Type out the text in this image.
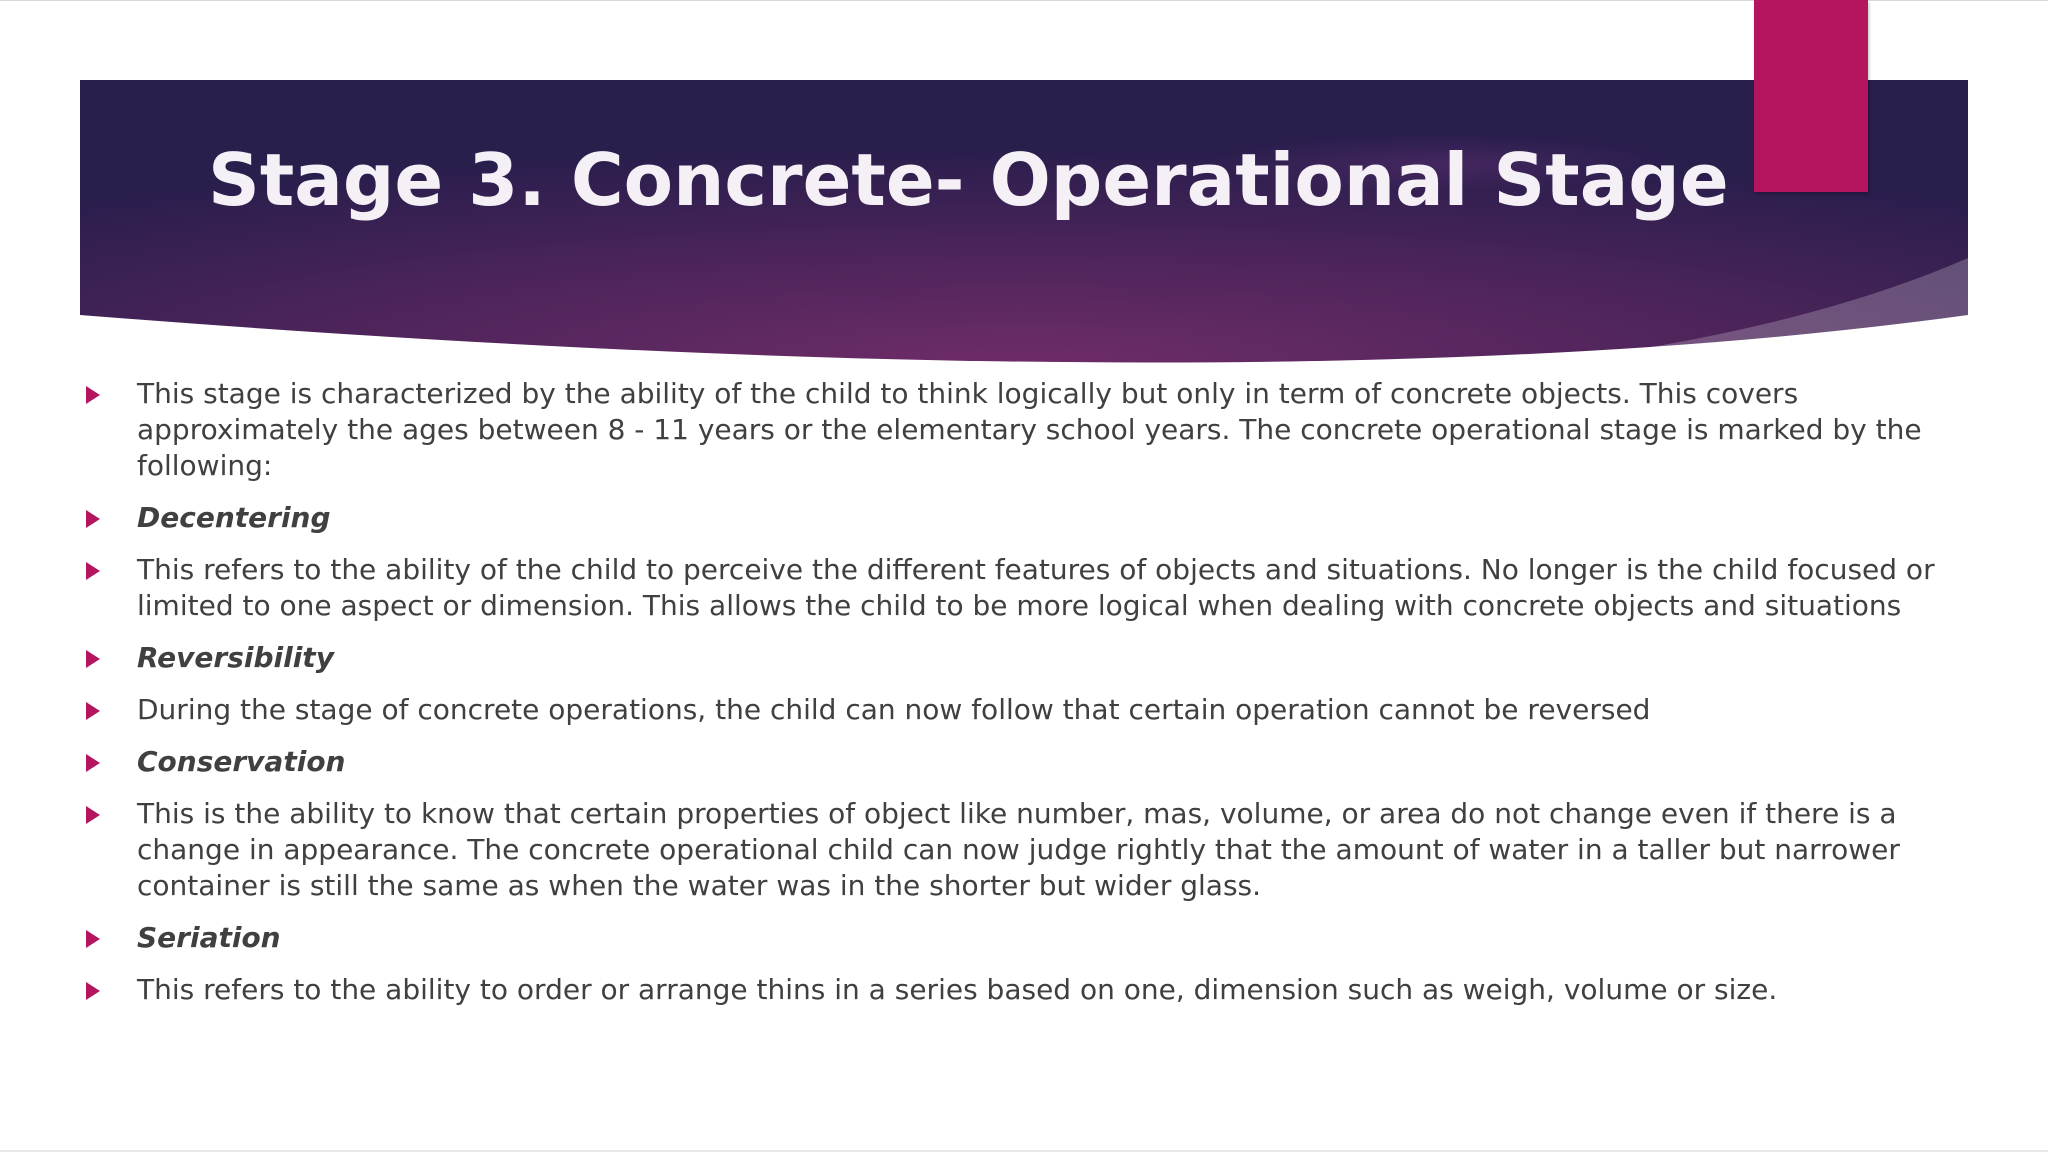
Stage 3. Concrete- Operational Stage
This stage is characterized by the ability of the child to think logically but only in term of concrete objects. This covers approximately the ages between 8 - 11 years or the elementary school years. The concrete operational stage is marked by the following:
Decentering
This refers to the ability of the child to perceive the different features of objects and situations. No longer is the child focused or limited to one aspect or dimension. This allows the child to be more logical when dealing with concrete objects and situations
Reversibility
During the stage of concrete operations, the child can now follow that certain operation cannot be reversed
Conservation
This is the ability to know that certain properties of object like number, mas, volume, or area do not change even if there is a change in appearance. The concrete operational child can now judge rightly that the amount of water in a taller but narrower container is still the same as when the water was in the shorter but wider glass.
Seriation
This refers to the ability to order or arrange thins in a series based on one, dimension such as weigh, volume or size.
